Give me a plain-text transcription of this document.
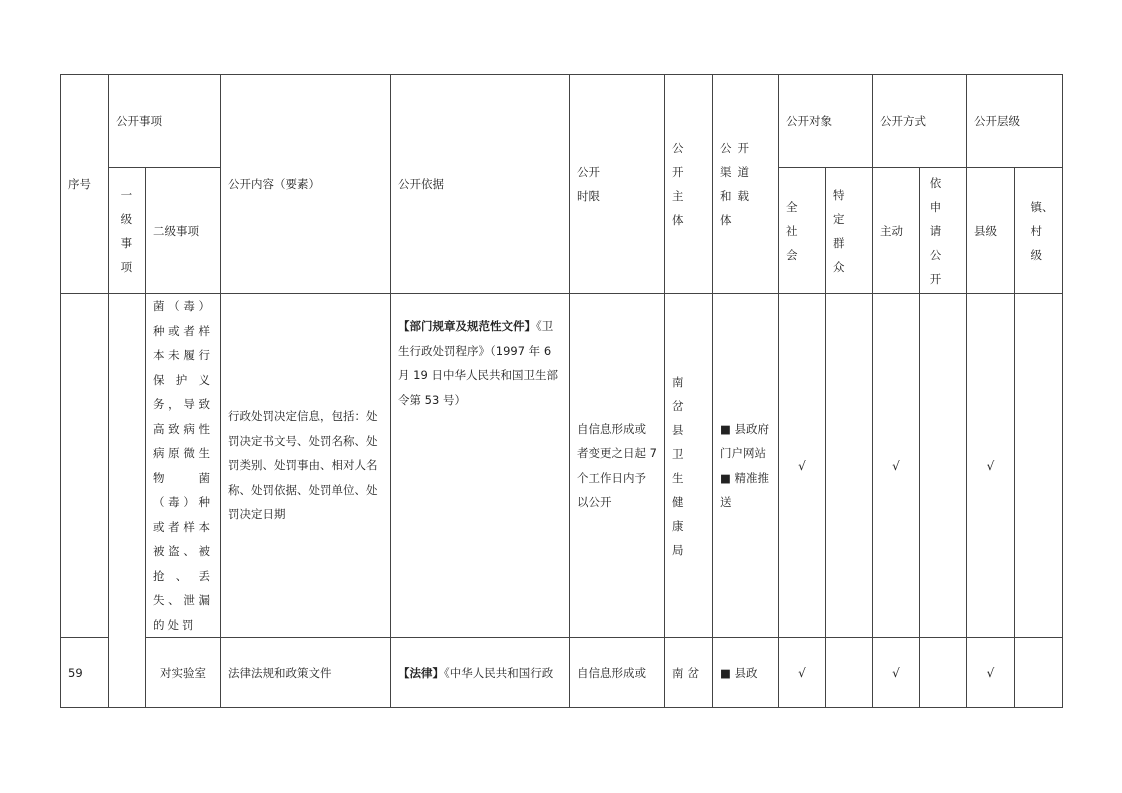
序号	公开事项		公开内容（要素）	公开依据	公开时限	公开主体	公开渠道和载体	公开对象		公开方式		公开层级	

	一级事项	二级事项						全社会	特定群众	主动	依申请公开	县级	镇、村级

		菌（毒）种或者样本未履行保护义务，导致高致病性病原微生物菌（毒）种或者样本被盗、被抢、丢失、泄漏的处罚	行政处罚决定信息，包括：处罚决定书文号、处罚名称、处罚类别、处罚事由、相对人名称、处罚依据、处罚单位、处罚决定日期	【部门规章及规范性文件】《卫生行政处罚程序》（1997 年 6 月 19 日中华人民共和国卫生部令第 53 号）	自信息形成或者变更之日起 7 个工作日内予以公开	南岔县卫生健康局	■ 县政府门户网站 ■ 精准推送	√		√		√	
59		对实验室	法律法规和政策文件	【法律】《中华人民共和国行政	自信息形成或	南岔	■ 县政	√		√		√	
